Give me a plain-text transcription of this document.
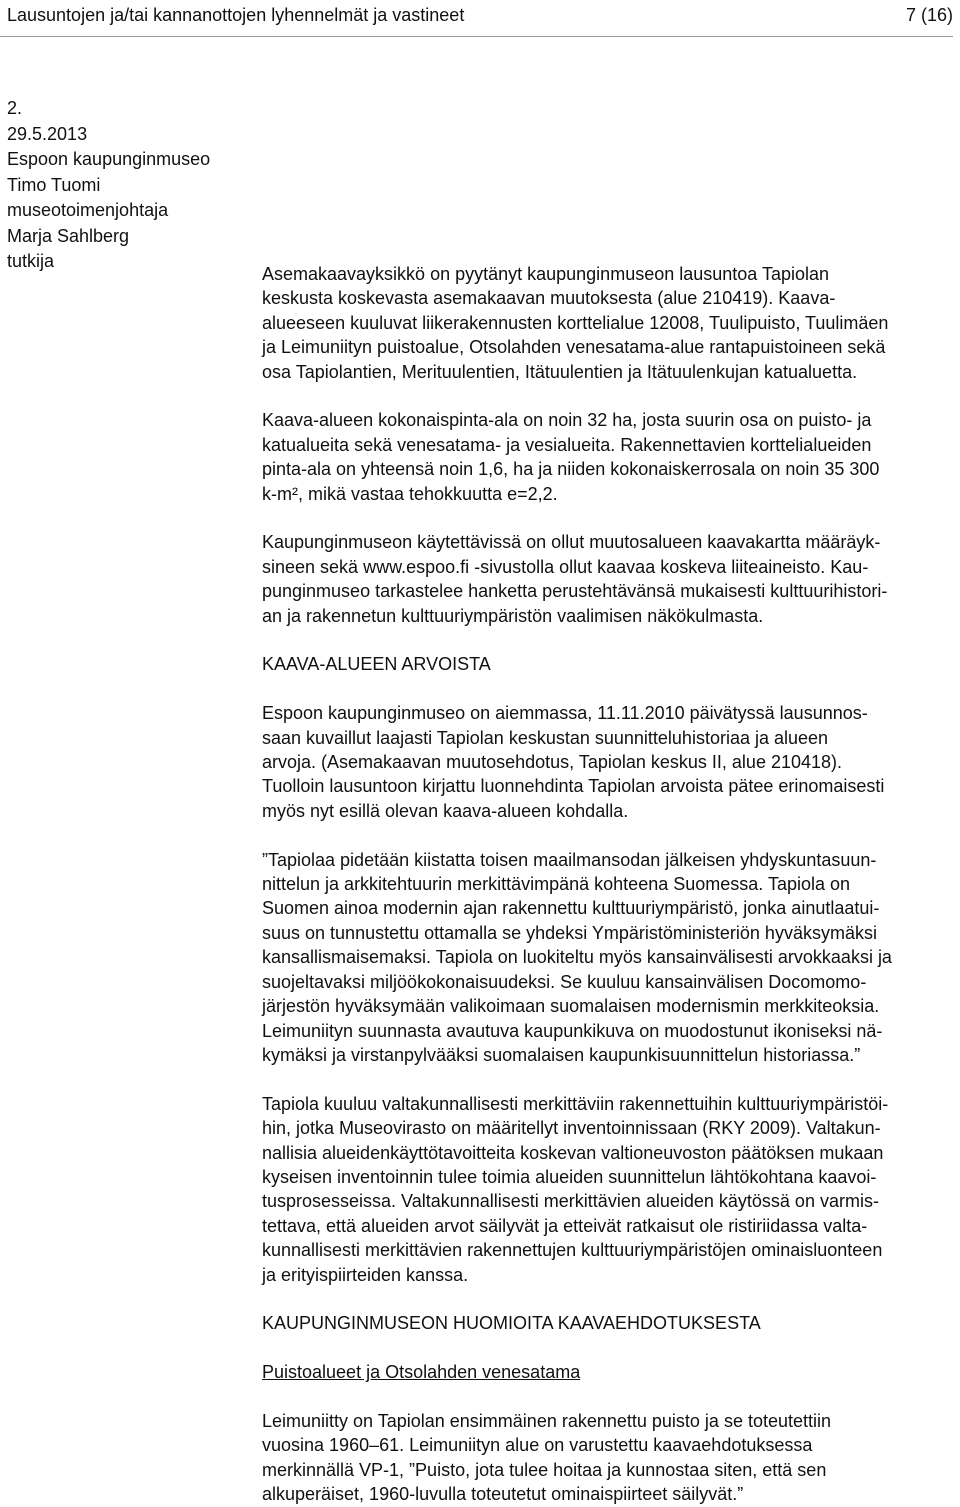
Lausuntojen ja/tai kannanottojen lyhennelmät ja vastineet	7 (16)
2.
29.5.2013
Espoon kaupunginmuseo
Timo Tuomi
museotoimenjohtaja
Marja Sahlberg
tutkija
Asemakaavayksikkö on pyytänyt kaupunginmuseon lausuntoa Tapiolan
keskusta koskevasta asemakaavan muutoksesta (alue 210419). Kaava-
alueeseen kuuluvat liikerakennusten korttelialue 12008, Tuulipuisto, Tuulimäen
ja Leimuniityn puistoalue, Otsolahden venesatama-alue rantapuistoineen sekä
osa Tapiolantien, Merituulentien, Itätuulentien ja Itätuulenkujan katualuetta.
Kaava-alueen kokonaispinta-ala on noin 32 ha, josta suurin osa on puisto- ja
katualueita sekä venesatama- ja vesialueita. Rakennettavien korttelialueiden
pinta-ala on yhteensä noin 1,6, ha ja niiden kokonaiskerrosala on noin 35 300
k-m², mikä vastaa tehokkuutta e=2,2.
Kaupunginmuseon käytettävissä on ollut muutosalueen kaavakartta määräyk-
sineen sekä www.espoo.fi -sivustolla ollut kaavaa koskeva liiteaineisto. Kau-
punginmuseo tarkastelee hanketta perustehtävänsä mukaisesti kulttuurihistori-
an ja rakennetun kulttuuriympäristön vaalimisen näkökulmasta.
KAAVA-ALUEEN ARVOISTA
Espoon kaupunginmuseo on aiemmassa, 11.11.2010 päivätyssä lausunnos-
saan kuvaillut laajasti Tapiolan keskustan suunnitteluhistoriaa ja alueen
arvoja. (Asemakaavan muutosehdotus, Tapiolan keskus II, alue 210418).
Tuolloin lausuntoon kirjattu luonnehdinta Tapiolan arvoista pätee erinomaisesti
myös nyt esillä olevan kaava-alueen kohdalla.
”Tapiolaa pidetään kiistatta toisen maailmansodan jälkeisen yhdyskuntasuun-
nittelun ja arkkitehtuurin merkittävimpänä kohteena Suomessa. Tapiola on
Suomen ainoa modernin ajan rakennettu kulttuuriympäristö, jonka ainutlaatui-
suus on tunnustettu ottamalla se yhdeksi Ympäristöministeriön hyväksymäksi
kansallismaisemaksi. Tapiola on luokiteltu myös kansainvälisesti arvokkaaksi ja
suojeltavaksi miljöökokonaisuudeksi. Se kuuluu kansainvälisen Docomomo-
järjestön hyväksymään valikoimaan suomalaisen modernismin merkkiteoksia.
Leimuniityn suunnasta avautuva kaupunkikuva on muodostunut ikoniseksi nä-
kymäksi ja virstanpylvääksi suomalaisen kaupunkisuunnittelun historiassa.”
Tapiola kuuluu valtakunnallisesti merkittäviin rakennettuihin kulttuuriympäristöi-
hin, jotka Museovirasto on määritellyt inventoinnissaan (RKY 2009). Valtakun-
nallisia alueidenkäyttötavoitteita koskevan valtioneuvoston päätöksen mukaan
kyseisen inventoinnin tulee toimia alueiden suunnittelun lähtökohtana kaavoi-
tusprosesseissa. Valtakunnallisesti merkittävien alueiden käytössä on varmis-
tettava, että alueiden arvot säilyvät ja etteivät ratkaisut ole ristiriidassa valta-
kunnallisesti merkittävien rakennettujen kulttuuriympäristöjen ominaisluonteen
ja erityispiirteiden kanssa.
KAUPUNGINMUSEON HUOMIOITA KAAVAEHDOTUKSESTA
Puistoalueet ja Otsolahden venesatama
Leimuniitty on Tapiolan ensimmäinen rakennettu puisto ja se toteutettiin
vuosina 1960–61. Leimuniityn alue on varustettu kaavaehdotuksessa
merkinnällä VP-1, ”Puisto, jota tulee hoitaa ja kunnostaa siten, että sen
alkuperäiset, 1960-luvulla toteutetut ominaispiirteet säilyvät.”
